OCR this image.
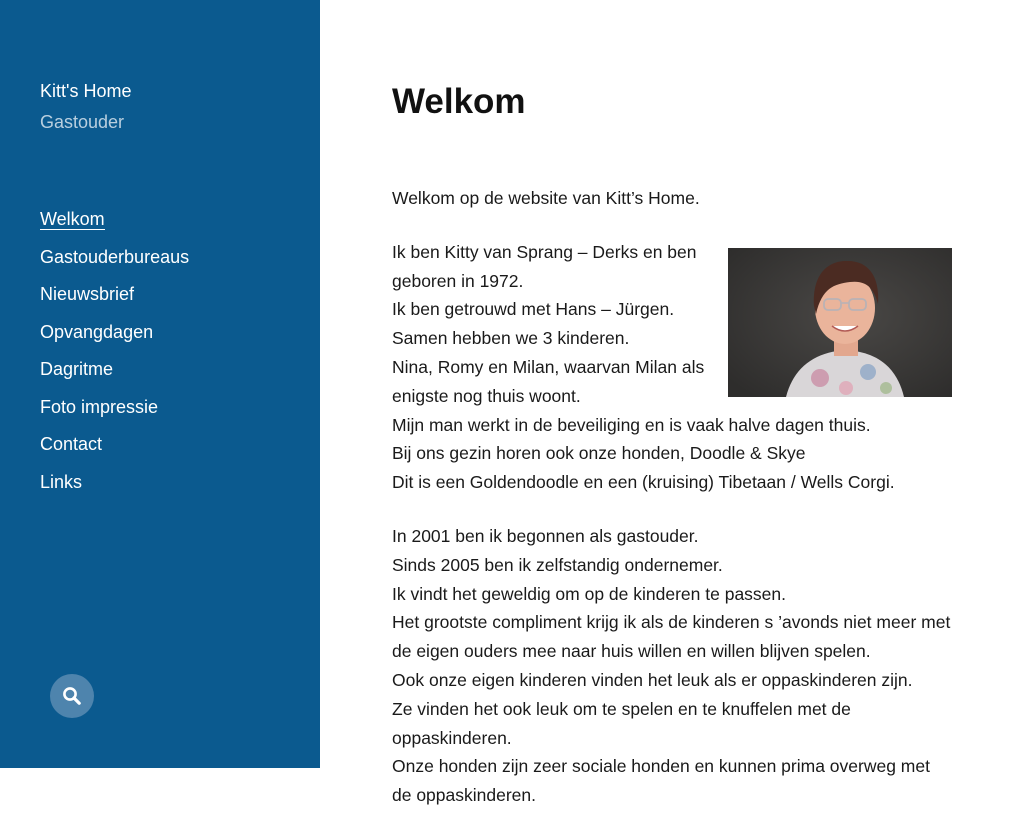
Kitt's Home
Gastouder
Welkom
Gastouderbureaus
Nieuwsbrief
Opvangdagen
Dagritme
Foto impressie
Contact
Links
Welkom

Welkom op de website van Kitt’s Home.

Ik ben Kitty van Sprang – Derks en ben geboren in 1972.
Ik ben getrouwd met Hans – Jürgen.
Samen hebben we 3 kinderen.
Nina, Romy en Milan, waarvan Milan als enigste nog thuis woont.
Mijn man werkt in de beveiliging en is vaak halve dagen thuis.
Bij ons gezin horen ook onze honden, Doodle & Skye
Dit is een Goldendoodle en een (kruising) Tibetaan / Wells Corgi.

In 2001 ben ik begonnen als gastouder.
Sinds 2005 ben ik zelfstandig ondernemer.
Ik vindt het geweldig om op de kinderen te passen.
Het grootste compliment krijg ik als de kinderen s ’avonds niet meer met de eigen ouders mee naar huis willen en willen blijven spelen.
Ook onze eigen kinderen vinden het leuk als er oppaskinderen zijn.
Ze vinden het ook leuk om te spelen en te knuffelen met de oppaskinderen.
Onze honden zijn zeer sociale honden en kunnen prima overweg met de oppaskinderen.
